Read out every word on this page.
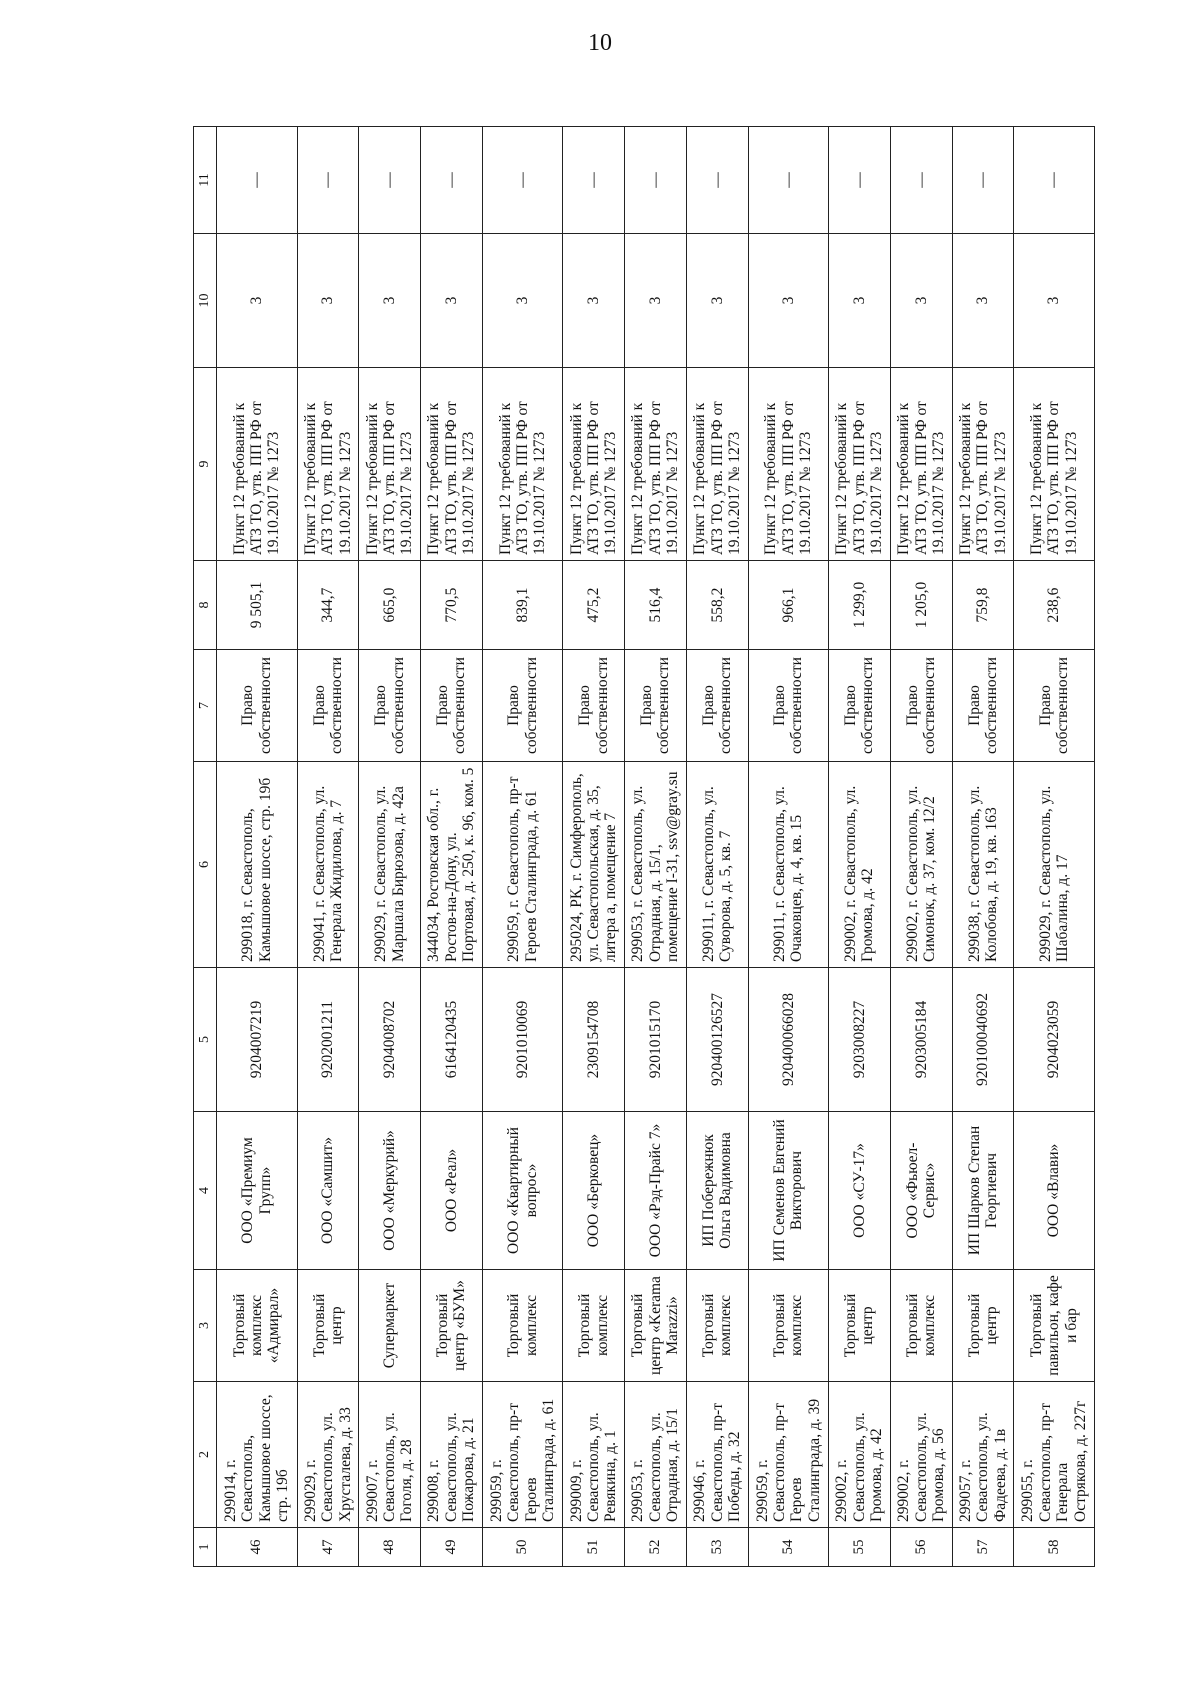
10
1	2	3	4	5	6	7	8	9	10	11
46	299014, г. Севастополь, Камышовое шоссе, стр. 19б	Торговый комплекс «Адмирал»	ООО «Премиум Групп»	9204007219	299018, г. Севастополь, Камышовое шоссе, стр. 19б	Право собственности	9 505,1	Пункт 12 требований к АТЗ ТО, утв. ПП РФ от 19.10.2017 № 1273	3	—
47	299029, г. Севастополь, ул. Хрусталева, д. 33	Торговый центр	ООО «Самшит»	9202001211	299041, г. Севастополь, ул. Генерала Жидилова, д. 7	Право собственности	344,7	Пункт 12 требований к АТЗ ТО, утв. ПП РФ от 19.10.2017 № 1273	3	—
48	299007, г. Севастополь, ул. Гоголя, д. 28	Супермаркет	ООО «Меркурий»	9204008702	299029, г. Севастополь, ул. Маршала Бирюзова, д. 42а	Право собственности	665,0	Пункт 12 требований к АТЗ ТО, утв. ПП РФ от 19.10.2017 № 1273	3	—
49	299008, г. Севастополь, ул. Пожарова, д. 21	Торговый центр «БУМ»	ООО «Реал»	6164120435	344034, Ростовская обл., г. Ростов-на-Дону, ул. Портовая, д. 250, к. 96, ком. 5	Право собственности	770,5	Пункт 12 требований к АТЗ ТО, утв. ПП РФ от 19.10.2017 № 1273	3	—
50	299059, г. Севастополь, пр-т Героев Сталинграда, д. 61	Торговый комплекс	ООО «Квартирный вопрос»	9201010069	299059, г. Севастополь, пр-т Героев Сталинграда, д. 61	Право собственности	839,1	Пункт 12 требований к АТЗ ТО, утв. ПП РФ от 19.10.2017 № 1273	3	—
51	299009, г. Севастополь, ул. Ревякина, д. 1	Торговый комплекс	ООО «Берковец»	2309154708	295024, РК, г. Симферополь, ул. Севастопольская, д. 35, литера а, помещение 7	Право собственности	475,2	Пункт 12 требований к АТЗ ТО, утв. ПП РФ от 19.10.2017 № 1273	3	—
52	299053, г. Севастополь, ул. Отрадная, д. 15/1	Торговый центр «Kerama Marazzi»	ООО «Рэд-Прайс 7»	9201015170	299053, г. Севастополь, ул. Отрадная, д. 15/1, помещение I-31, ssv@gray.su	Право собственности	516,4	Пункт 12 требований к АТЗ ТО, утв. ПП РФ от 19.10.2017 № 1273	3	—
53	299046, г. Севастополь, пр-т Победы, д. 32	Торговый комплекс	ИП Побережнюк Ольга Вадимовна	920400126527	299011, г. Севастополь, ул. Суворова, д. 5, кв. 7	Право собственности	558,2	Пункт 12 требований к АТЗ ТО, утв. ПП РФ от 19.10.2017 № 1273	3	—
54	299059, г. Севастополь, пр-т Героев Сталинграда, д. 39	Торговый комплекс	ИП Семенов Евгений Викторович	920400066028	299011, г. Севастополь, ул. Очаковцев, д. 4, кв. 15	Право собственности	966,1	Пункт 12 требований к АТЗ ТО, утв. ПП РФ от 19.10.2017 № 1273	3	—
55	299002, г. Севастополь, ул. Громова, д. 42	Торговый центр	ООО «СУ-17»	9203008227	299002, г. Севастополь, ул. Громова, д. 42	Право собственности	1 299,0	Пункт 12 требований к АТЗ ТО, утв. ПП РФ от 19.10.2017 № 1273	3	—
56	299002, г. Севастополь, ул. Громова, д. 56	Торговый комплекс	ООО «Фьюел-Сервис»	9203005184	299002, г. Севастополь, ул. Симонок, д. 37, ком. 12/2	Право собственности	1 205,0	Пункт 12 требований к АТЗ ТО, утв. ПП РФ от 19.10.2017 № 1273	3	—
57	299057, г. Севастополь, ул. Фадеева, д. 1в	Торговый центр	ИП Шарков Степан Георгиевич	920100040692	299038, г. Севастополь, ул. Колобова, д. 19, кв. 163	Право собственности	759,8	Пункт 12 требований к АТЗ ТО, утв. ПП РФ от 19.10.2017 № 1273	3	—
58	299055, г. Севастополь, пр-т Генерала Острякова, д. 227г	Торговый павильон, кафе и бар	ООО «Влави»	9204023059	299029, г. Севастополь, ул. Шабалина, д. 17	Право собственности	238,6	Пункт 12 требований к АТЗ ТО, утв. ПП РФ от 19.10.2017 № 1273	3	—
